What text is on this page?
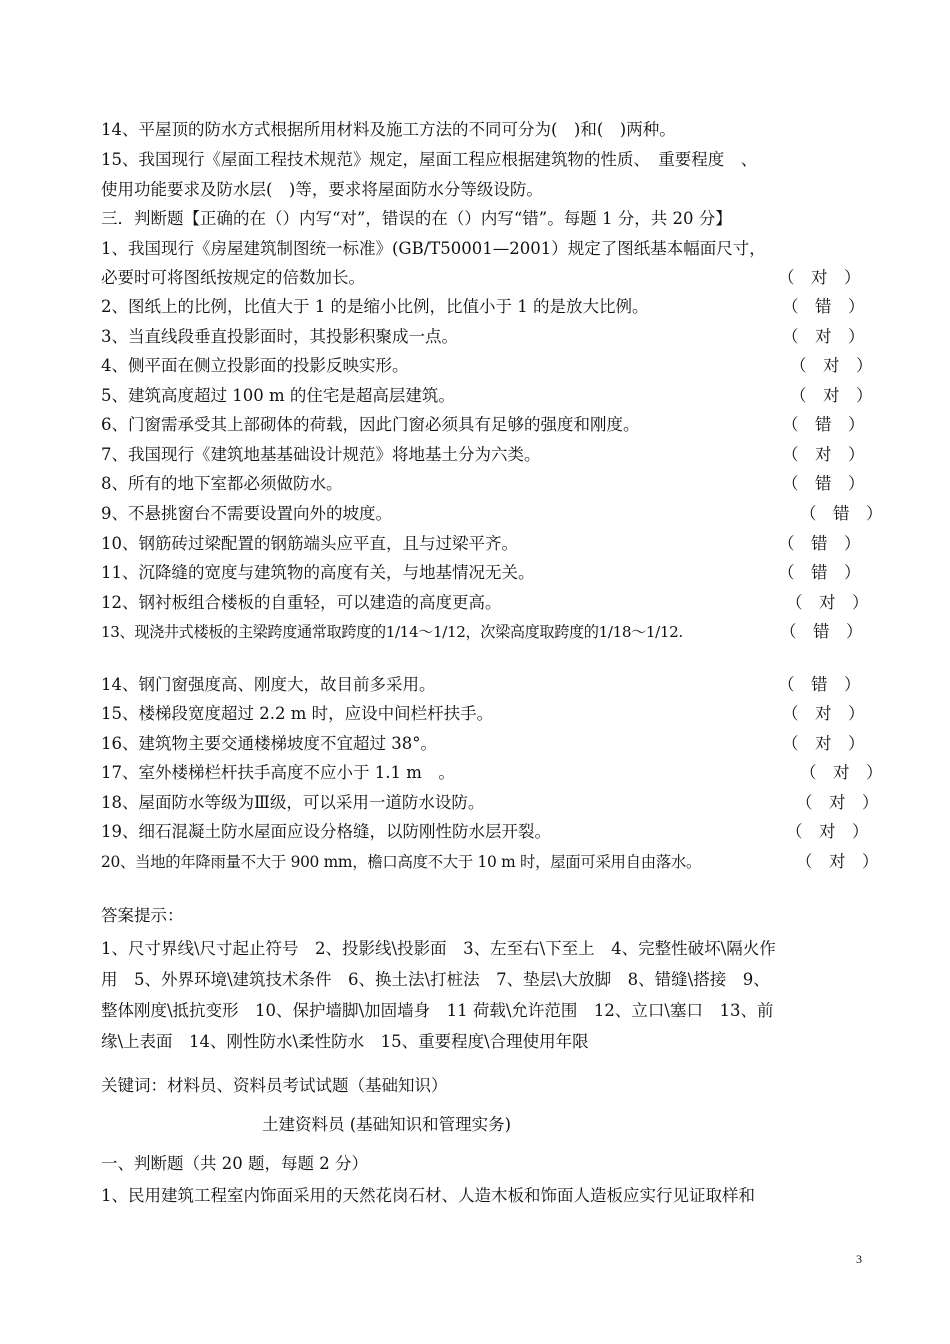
14、平屋顶的防水方式根据所用材料及施工方法的不同可分为(　)和(　)两种。
15、我国现行《屋面工程技术规范》规定，屋面工程应根据建筑物的性质、　重要程度　、
使用功能要求及防水层(　)等，要求将屋面防水分等级设防。
三．判断题【正确的在（）内写“对”，错误的在（）内写“错”。每题 1 分，共 20 分】
1、我国现行《房屋建筑制图统一标准》(GB/T50001—2001）规定了图纸基本幅面尺寸，
必要时可将图纸按规定的倍数加长。
2、图纸上的比例，比值大于 1 的是缩小比例，比值小于 1 的是放大比例。
3、当直线段垂直投影面时，其投影积聚成一点。
4、侧平面在侧立投影面的投影反映实形。
5、建筑高度超过 100 m 的住宅是超高层建筑。
6、门窗需承受其上部砌体的荷载，因此门窗必须具有足够的强度和刚度。
7、我国现行《建筑地基基础设计规范》将地基土分为六类。
8、所有的地下室都必须做防水。
9、不悬挑窗台不需要设置向外的坡度。
10、钢筋砖过梁配置的钢筋端头应平直，且与过梁平齐。
11、沉降缝的宽度与建筑物的高度有关，与地基情况无关。
12、钢衬板组合楼板的自重轻，可以建造的高度更高。
13、现浇井式楼板的主梁跨度通常取跨度的1/14～1/12，次梁高度取跨度的1/18～1/12.
14、钢门窗强度高、刚度大，故目前多采用。
15、楼梯段宽度超过 2.2 m 时，应设中间栏杆扶手。
16、建筑物主要交通楼梯坡度不宜超过 38°。
17、室外楼梯栏杆扶手高度不应小于 1.1 m　。
18、屋面防水等级为Ⅲ级，可以采用一道防水设防。
19、细石混凝土防水屋面应设分格缝，以防刚性防水层开裂。
20、当地的年降雨量不大于 900 mm，檐口高度不大于 10 m 时，屋面可采用自由落水。
（　对　）
（　错　）
（　对　）
（　对　）
（　对　）
（　错　）
（　对　）
（　错　）
（　错　）
（　错　）
（　错　）
（　对　）
（　错　）
（　错　）
（　对　）
（　对　）
（　对　）
（　对　）
（　对　）
（　对　）
答案提示：
1、尺寸界线\尺寸起止符号　2、投影线\投影面　3、左至右\下至上　4、完整性破坏\隔火作
用　5、外界环境\建筑技术条件　6、换土法\打桩法　7、垫层\大放脚　8、错缝\搭接　9、
整体刚度\抵抗变形　10、保护墙脚\加固墙身　11 荷载\允许范围　12、立口\塞口　13、前
缘\上表面　14、刚性防水\柔性防水　15、重要程度\合理使用年限
关键词：材料员、资料员考试试题（基础知识）
土建资料员 (基础知识和管理实务)
一、判断题（共 20 题，每题 2 分）
1、民用建筑工程室内饰面采用的天然花岗石材、人造木板和饰面人造板应实行见证取样和
3
